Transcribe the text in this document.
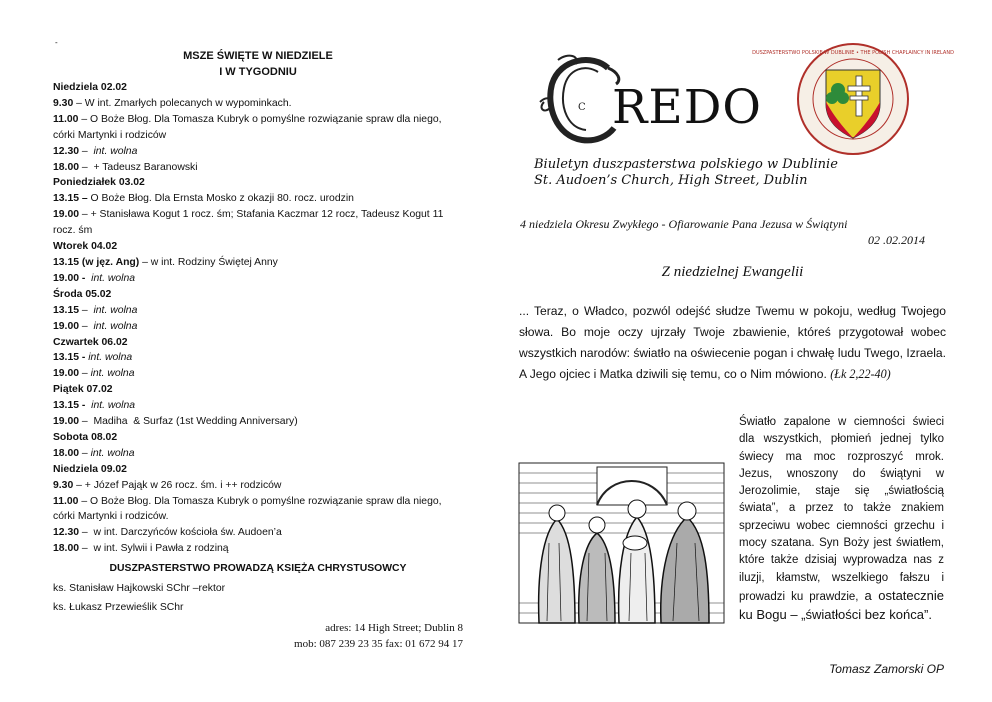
-
MSZE ŚWIĘTE W NIEDZIELE
I W TYGODNIU
Niedziela 02.02
9.30 – W int. Zmarłych polecanych w wypominkach.
11.00 – O Boże Błog. Dla Tomasza Kubryk o pomyślne rozwiązanie spraw dla niego, córki Martynki i rodziców
12.30 –  int. wolna
18.00 –  + Tadeusz Baranowski
Poniedziałek 03.02
13.15 – O Boże Błog. Dla Ernsta Mosko z okazji 80. rocz. urodzin
19.00 – + Stanisława Kogut 1 rocz. śm; Stafania Kaczmar 12 rocz, Tadeusz Kogut 11 rocz. śm
Wtorek 04.02
13.15 (w jęz. Ang) – w int. Rodziny Świętej Anny
19.00 - int. wolna
Środa 05.02
13.15 –  int. wolna
19.00 –  int. wolna
Czwartek 06.02
13.15 - int. wolna
19.00 – int. wolna
Piątek 07.02
13.15 - int. wolna
19.00 –  Madiha  & Surfaz (1st Wedding Anniversary)
Sobota 08.02
18.00 – int. wolna
Niedziela 09.02
9.30 – + Józef Pająk w 26 rocz. śm. i ++ rodziców
11.00 – O Boże Błog. Dla Tomasza Kubryk o pomyślne rozwiązanie spraw dla niego, córki Martynki i rodziców.
12.30 –  w int. Darczyńców kościoła św. Audoen’a
18.00 –  w int. Sylwii i Pawła z rodziną
DUSZPASTERSTWO PROWADZĄ KSIĘŻA CHRYSTUSOWCY
ks. Stanisław Hajkowski SChr –rektor
ks. Łukasz Przewieślik SChr
adres: 14 High Street; Dublin 8
mob: 087 239 23 35 fax: 01 672 94 17
C REDO
Biuletyn duszpasterstwa polskiego w Dublinie
St. Audoen’s Church, High Street, Dublin
DUSZPASTERSTWO POLSKIE W DUBLINIE • THE POLISH CHAPLAINCY IN IRELAND
4 niedziela Okresu Zwykłego - Ofiarowanie Pana Jezusa w Świątyni
02 .02.2014
Z niedzielnej Ewangelii
... Teraz, o Władco, pozwól odejść słudze Twemu w pokoju, według Twojego słowa. Bo moje oczy ujrzały Twoje zbawienie, któreś przygotował wobec wszystkich narodów: światło na oświecenie pogan i chwałę ludu Twego, Izraela. A Jego ojciec i Matka dziwili się temu, co o Nim mówiono. (Łk 2,22-40)
Światło zapalone w ciemności świeci dla wszystkich, płomień jednej tylko świecy ma moc rozproszyć mrok. Jezus, wnoszony do świątyni w Jerozolimie, staje się „światłością świata”, a przez to także znakiem sprzeciwu wobec ciemności grzechu i mocy szatana. Syn Boży jest światłem, które także dzisiaj wyprowadza nas z iluzji, kłamstw, wszelkiego fałszu i prowadzi ku prawdzie, a ostatecznie ku Bogu – „światłości bez końca”.
Tomasz Zamorski OP
